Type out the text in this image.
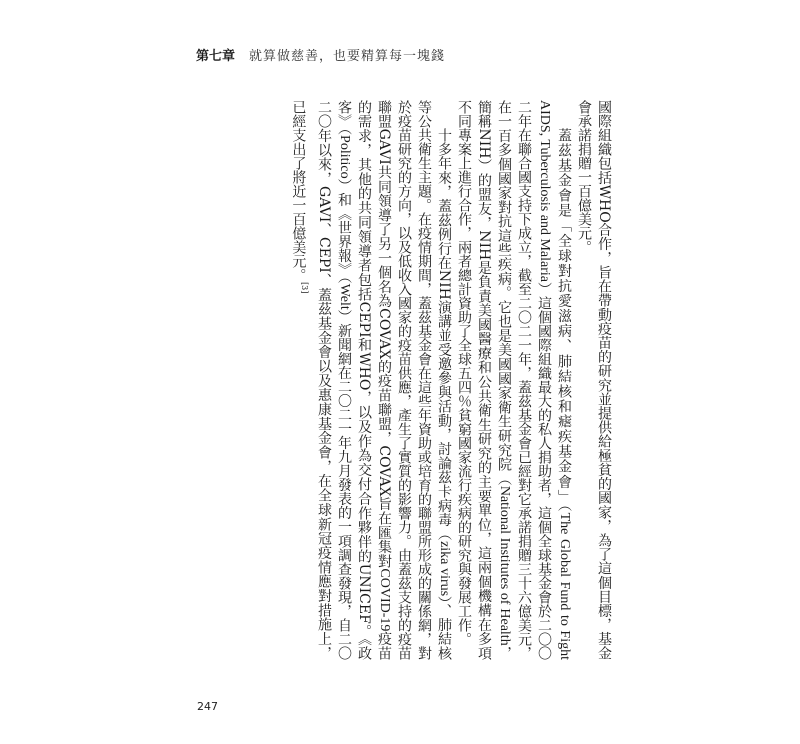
第七章 就算做慈善，也要精算每一塊錢

國際組織包括WHO合作，旨在帶動疫苗的研究並提供給極貧的國家，為了這個目標，基金會承諾捐贈一百億美元。

蓋茲基金會是「全球對抗愛滋病、肺結核和瘧疾基金會」（The Global Fund to Fight AIDS, Tuberculosis and Malaria）這個國際組織最大的私人捐助者，這個全球基金會於二〇〇二年在聯合國支持下成立，截至二〇二一年，蓋茲基金會已經對它承諾捐贈三十六億美元，在一百多個國家對抗這些疾病。它也是美國國家衛生研究院（National Institutes of Health，簡稱NIH）的盟友，NIH是負責美國醫療和公共衛生研究的主要單位，這兩個機構在多項不同專案上進行合作，兩者總計資助了全球五四％貧窮國家流行疾病的研究與發展工作。

十多年來，蓋茲例行在NIH演講並受邀參與活動，討論茲卡病毒（zika virus）、肺結核等公共衛生主題。在疫情期間，蓋茲基金會在這些年資助或培育的聯盟所形成的關係網，對於疫苗研究的方向，以及低收入國家的疫苗供應，產生了實質的影響力。由蓋茲支持的疫苗聯盟GAVI共同領導了另一個名為COVAX的疫苗聯盟，COVAX旨在匯集對COVID-19疫苗的需求，其他的共同領導者包括CEPI和WHO，以及作為交付合作夥伴的UNICEF。《政客》（Politico）和《世界報》（Welt）新聞網在二〇二一年九月發表的一項調查發現，自二〇二〇年以來，GAVI、CEPI、蓋茲基金會以及惠康基金會，在全球新冠疫情應對措施上，已經支出了將近一百億美元。[3]

247
